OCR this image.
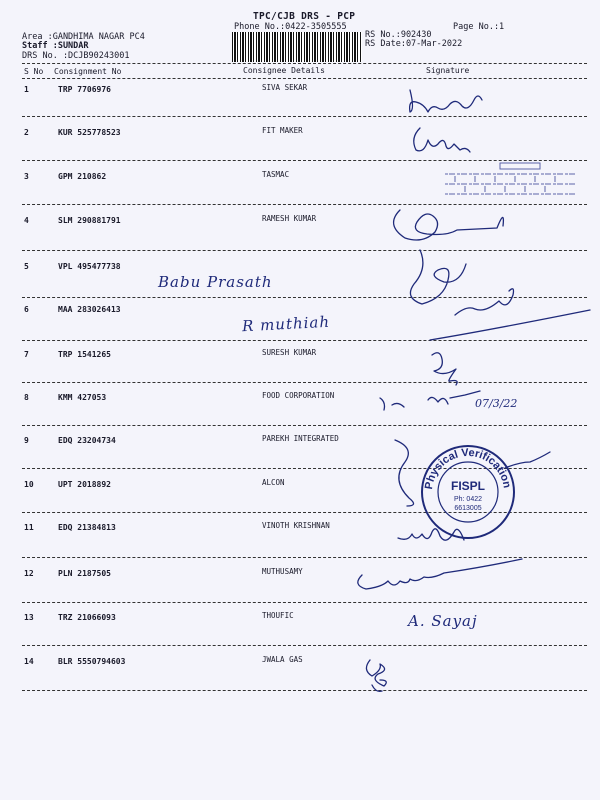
TPC/CJB DRS - PCP
Phone No.:0422-3505555	Page No.:1
Area :GANDHIMA NAGAR PC4
Staff :SUNDAR
DRS No. :DCJB90243001
RS No.:902430
RS Date:07-Mar-2022
S No Consignment No	Consignee Details	Signature
1	TRP 7706976	SIVA SEKAR
2	KUR 525778523	FIT MAKER
3	GPM 210862	TASMAC
4	SLM 290881791	RAMESH KUMAR
5	VPL 495477738
6	MAA 283026413
7	TRP 1541265	SURESH KUMAR
8	KMM 427053	FOOD CORPORATION
9	EDQ 23204734	PAREKH INTEGRATED
10	UPT 2018892	ALCON
11	EDQ 21384813	VINOTH KRISHNAN
12	PLN 2187505	MUTHUSAMY
13	TRZ 21066093	THOUFIC
14	BLR 5550794603	JWALA GAS
Babu Prasath
R muthiah
07/3/22
A. Sayaj
Physical Verification
FISPL
Ph: 0422
6613005
